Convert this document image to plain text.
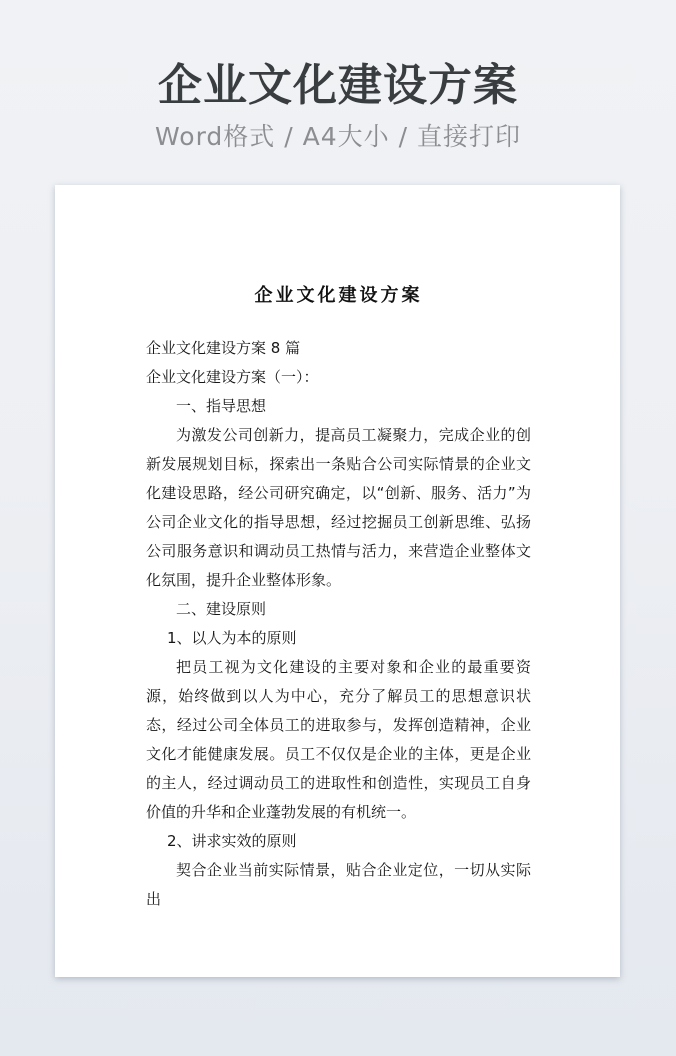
企业文化建设方案
Word格式 / A4大小 / 直接打印
企业文化建设方案

企业文化建设方案 8 篇

企业文化建设方案（一）：

一、指导思想

为激发公司创新力，提高员工凝聚力，完成企业的创新发展规划目标，探索出一条贴合公司实际情景的企业文化建设思路，经公司研究确定，以“创新、服务、活力”为公司企业文化的指导思想，经过挖掘员工创新思维、弘扬公司服务意识和调动员工热情与活力，来营造企业整体文化氛围，提升企业整体形象。

二、建设原则

1、以人为本的原则

把员工视为文化建设的主要对象和企业的最重要资源，始终做到以人为中心，充分了解员工的思想意识状态，经过公司全体员工的进取参与，发挥创造精神，企业文化才能健康发展。员工不仅仅是企业的主体，更是企业的主人，经过调动员工的进取性和创造性，实现员工自身价值的升华和企业蓬勃发展的有机统一。

2、讲求实效的原则

契合企业当前实际情景，贴合企业定位，一切从实际出
